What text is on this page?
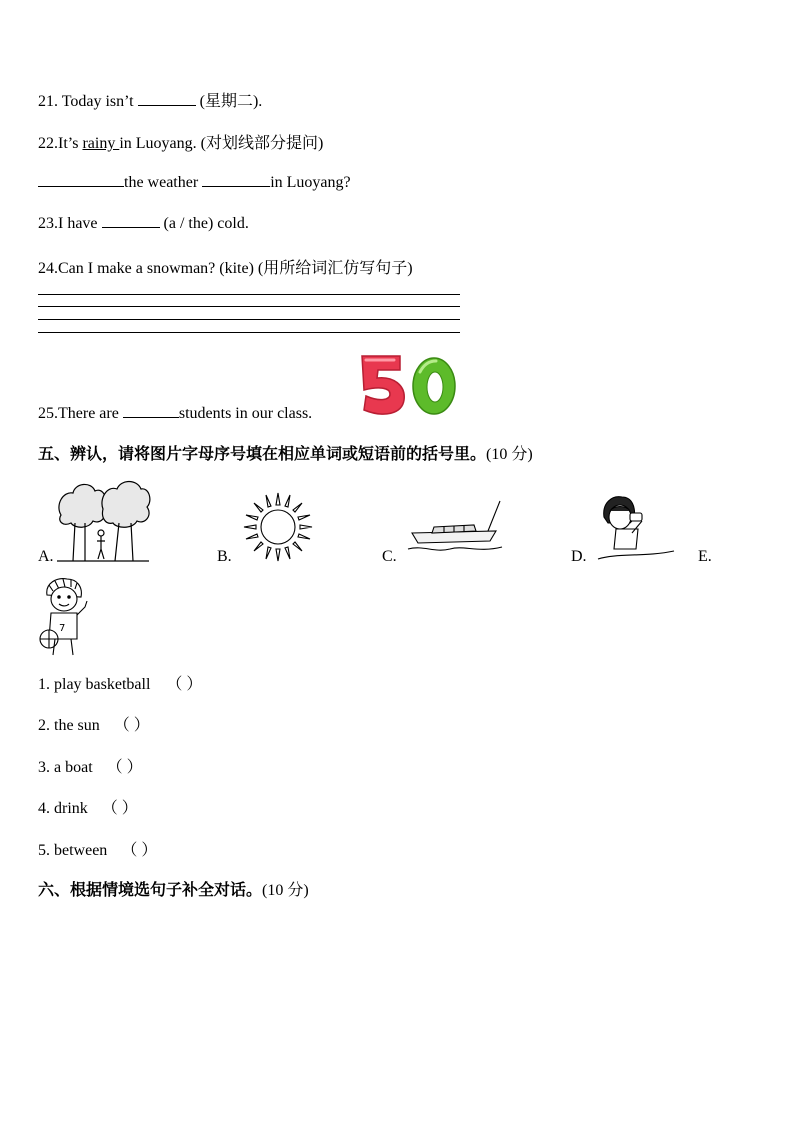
21. Today isn’t	(星期二).
22.It’s rainy in Luoyang. (对划线部分提问)
the weather	in Luoyang?
23.I have	(a / the) cold.
24.Can I make a snowman? (kite) (用所给词汇仿写句子)
25.There are	students in our class.
五、辨认，请将图片字母序号填在相应单词或短语前的括号里。(10 分)
A.	B.	C.	D.	E.
7
1. play basketball （ ）
2. the sun （ ）
3. a boat （ ）
4. drink （ ）
5. between （ ）
六、根据情境选句子补全对话。(10 分)
